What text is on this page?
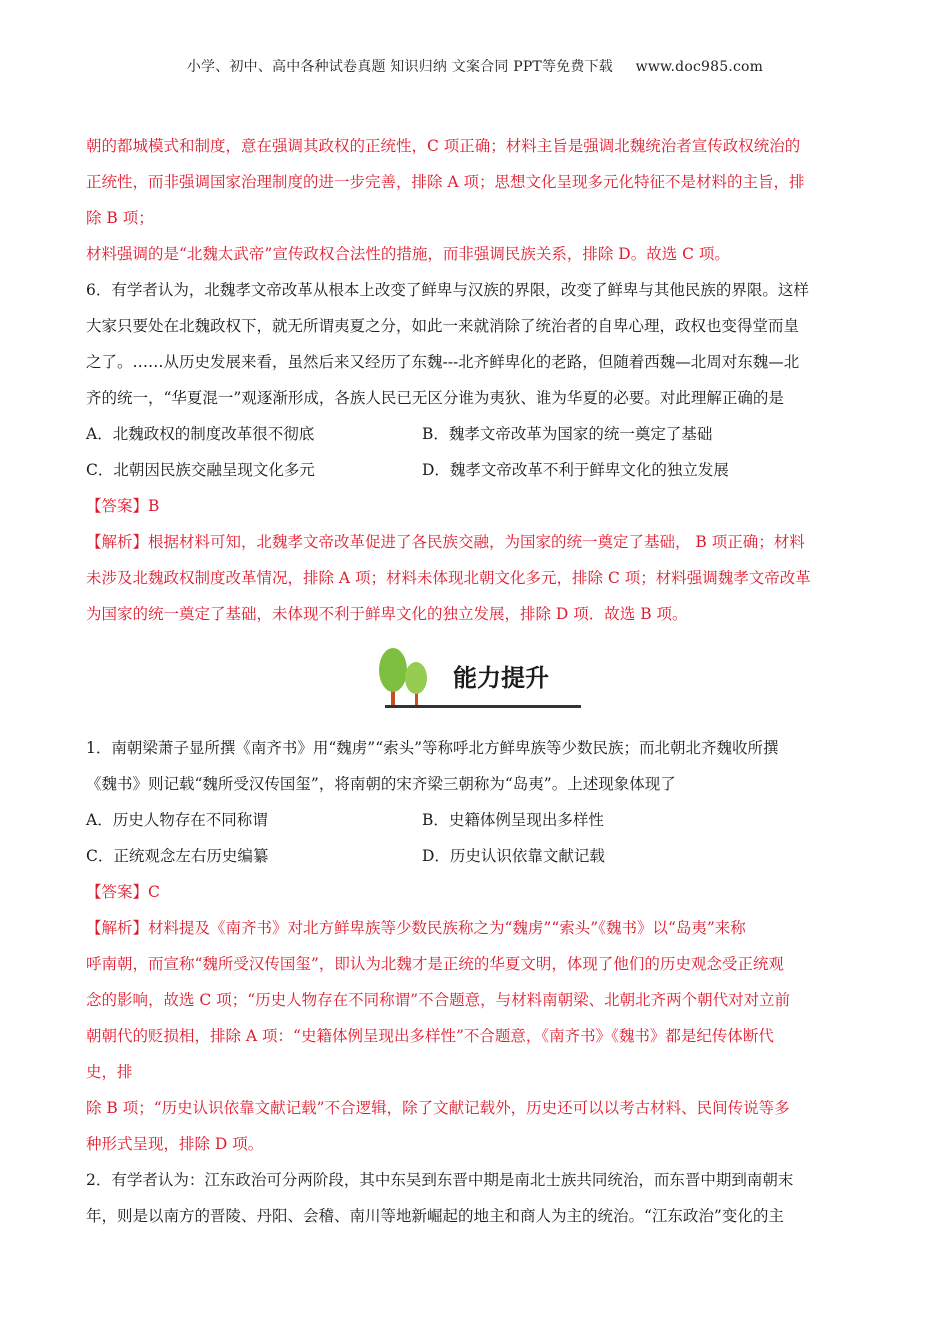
小学、初中、高中各种试卷真题 知识归纳 文案合同 PPT等免费下载 www.doc985.com
朝的都城模式和制度，意在强调其政权的正统性，C 项正确；材料主旨是强调北魏统治者宣传政权统治的
正统性，而非强调国家治理制度的进一步完善，排除 A 项；思想文化呈现多元化特征不是材料的主旨，排
除 B 项；
材料强调的是“北魏太武帝”宣传政权合法性的措施，而非强调民族关系，排除 D。故选 C 项。
6．有学者认为，北魏孝文帝改革从根本上改变了鲜卑与汉族的界限，改变了鲜卑与其他民族的界限。这样
大家只要处在北魏政权下，就无所谓夷夏之分，如此一来就消除了统治者的自卑心理，政权也变得堂而皇
之了。……从历史发展来看，虽然后来又经历了东魏---北齐鲜卑化的老路，但随着西魏—北周对东魏—北
齐的统一，“华夏混一”观逐渐形成，各族人民已无区分谁为夷狄、谁为华夏的必要。对此理解正确的是
A．北魏政权的制度改革很不彻底	B．魏孝文帝改革为国家的统一奠定了基础
C．北朝因民族交融呈现文化多元	D．魏孝文帝改革不利于鲜卑文化的独立发展
【答案】B
【解析】根据材料可知，北魏孝文帝改革促进了各民族交融，为国家的统一奠定了基础， B 项正确；材料
未涉及北魏政权制度改革情况，排除 A 项；材料未体现北朝文化多元，排除 C 项；材料强调魏孝文帝改革
为国家的统一奠定了基础，未体现不利于鲜卑文化的独立发展，排除 D 项．故选 B 项。
能力提升
1．南朝梁萧子显所撰《南齐书》用“魏虏”“索头”等称呼北方鲜卑族等少数民族；而北朝北齐魏收所撰
《魏书》则记载“魏所受汉传国玺”，将南朝的宋齐梁三朝称为“岛夷”。上述现象体现了
A．历史人物存在不同称谓	B．史籍体例呈现出多样性
C．正统观念左右历史编纂	D．历史认识依靠文献记载
【答案】C
【解析】材料提及《南齐书》对北方鲜卑族等少数民族称之为“魏虏”“索头”《魏书》以“岛夷”来称
呼南朝，而宣称“魏所受汉传国玺”，即认为北魏才是正统的华夏文明，体现了他们的历史观念受正统观
念的影响，故选 C 项；“历史人物存在不同称谓”不合题意，与材料南朝梁、北朝北齐两个朝代对对立前
朝朝代的贬损相，排除 A 项：“史籍体例呈现出多样性”不合题意，《南齐书》《魏书》都是纪传体断代
史，排
除 B 项；“历史认识依靠文献记载”不合逻辑，除了文献记载外，历史还可以以考古材料、民间传说等多
种形式呈现，排除 D 项。
2．有学者认为：江东政治可分两阶段，其中东吴到东晋中期是南北士族共同统治，而东晋中期到南朝末
年，则是以南方的晋陵、丹阳、会稽、南川等地新崛起的地主和商人为主的统治。“江东政治”变化的主
